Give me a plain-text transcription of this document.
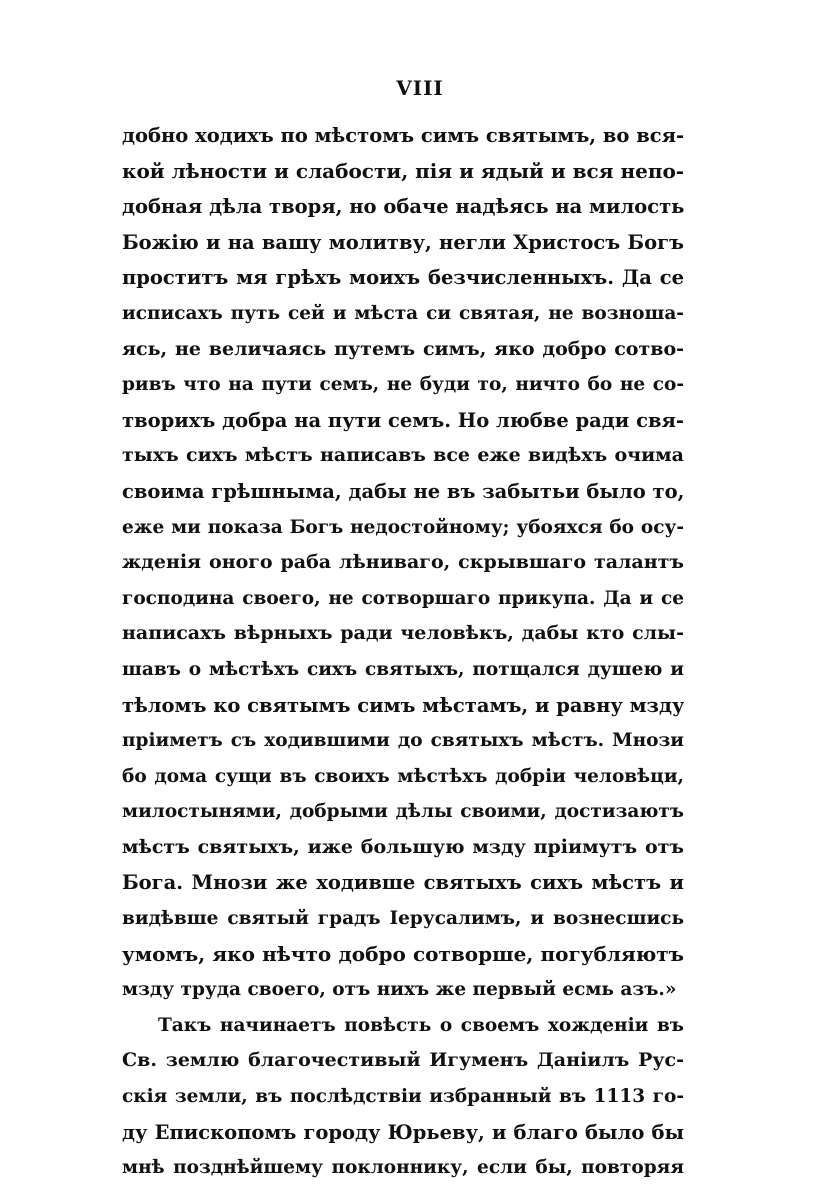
VIII
добно ходихъ по мѣстомъ симъ святымъ, во вся-
кой лѣности и слабости, пія и ядый и вся непо-
добная дѣла творя, но обаче надѣясь на милость
Божію и на вашу молитву, негли Христосъ Богъ
проститъ мя грѣхъ моихъ безчисленныхъ. Да се
исписахъ путь сей и мѣста си святая, не возноша-
ясь, не величаясь путемъ симъ, яко добро сотво-
ривъ что на пути семъ, не буди то, ничто бо не со-
творихъ добра на пути семъ. Но любве ради свя-
тыхъ сихъ мѣстъ написавъ все еже видѣхъ очима
своима грѣшныма, дабы не въ забытьи было то,
еже ми показа Богъ недостойному; убояхся бо осу-
жденія оного раба лѣниваго, скрывшаго талантъ
господина своего, не сотворшаго прикупа. Да и се
написахъ вѣрныхъ ради человѣкъ, дабы кто слы-
шавъ о мѣстѣхъ сихъ святыхъ, потщался душею и
тѣломъ ко святымъ симъ мѣстамъ, и равну мзду
пріиметъ съ ходившими до святыхъ мѣстъ. Мнози
бо дома сущи въ своихъ мѣстѣхъ добріи человѣци,
милостынями, добрыми дѣлы своими, достизаютъ
мѣстъ святыхъ, иже большую мзду пріимутъ отъ
Бога. Мнози же ходивше святыхъ сихъ мѣстъ и
видѣвше святый градъ Іерусалимъ, и вознесшись
умомъ, яко нѣчто добро сотворше, погубляютъ
мзду труда своего, отъ нихъ же первый есмь азъ.»
Такъ начинаетъ повѣсть о своемъ хожденіи въ
Св. землю благочестивый Игуменъ Даніилъ Рус-
скія земли, въ послѣдствіи избранный въ 1113 го-
ду Епископомъ городу Юрьеву, и благо было бы
мнѣ позднѣйшему поклоннику, если бы, повторяя
